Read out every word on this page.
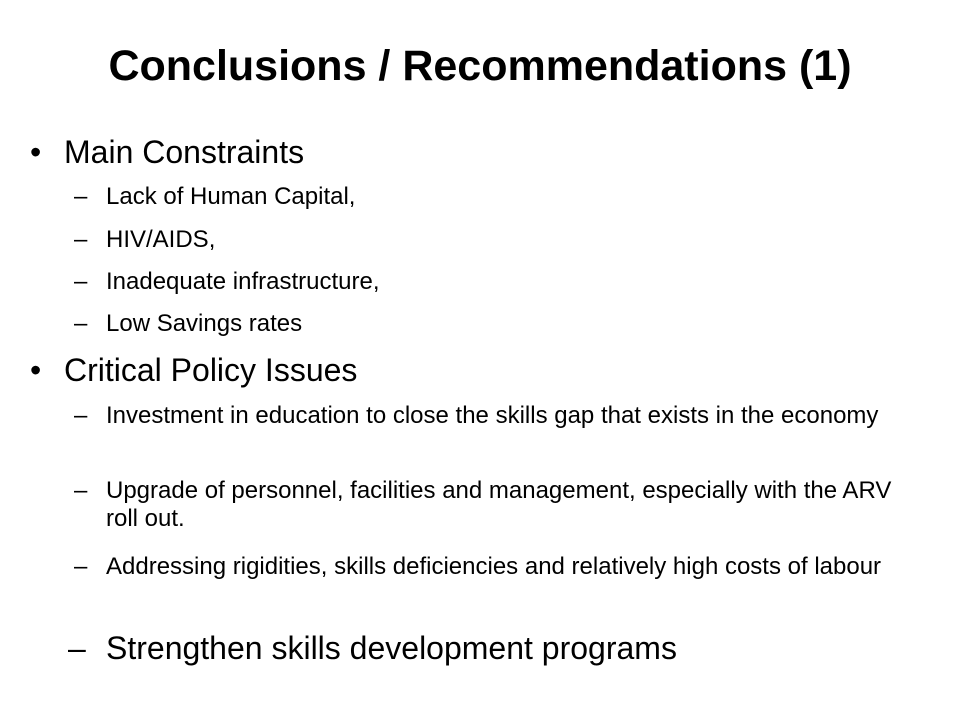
Conclusions / Recommendations (1)
• Main Constraints
– Lack of Human Capital,
– HIV/AIDS,
– Inadequate infrastructure,
– Low Savings rates
• Critical Policy Issues
– Investment in education to close the skills gap that exists in the economy
– Upgrade of personnel, facilities and management, especially with the ARV roll out.
– Addressing rigidities, skills deficiencies and relatively high costs of labour
– Strengthen skills development programs
